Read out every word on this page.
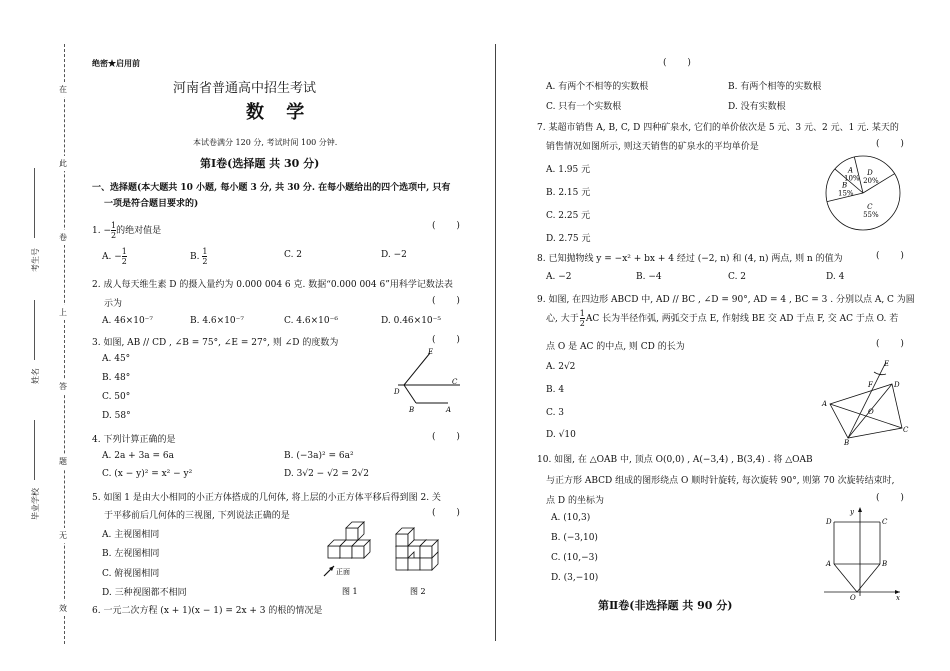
在
此
卷
上
答
题
无
效
考生号
姓名
毕业学校
绝密★启用前
河南省普通高中招生考试
数 学
本试卷满分 120 分, 考试时间 100 分钟.
第Ⅰ卷(选择题 共 30 分)
一、选择题(本大题共 10 小题, 每小题 3 分, 共 30 分. 在每小题给出的四个选项中, 只有
一项是符合题目要求的)
1. − $\frac{1}{2}$ 的绝对值是	( )
A. − $\frac{1}{2}$	B. $\frac{1}{2}$	C. 2	D. −2
2. 成人每天维生素 D 的摄入量约为 0.000 004 6 克. 数据“0.000 004 6”用科学记数法表
示为	( )
A. 46×10⁻⁷	B. 4.6×10⁻⁷	C. 4.6×10⁻⁶	D. 0.46×10⁻⁵
3. 如图, AB // CD , ∠B = 75°, ∠E = 27°, 则 ∠D 的度数为	( )
A. 45°
B. 48°
C. 50°
D. 58°
E
C
D
B	A
4. 下列计算正确的是	( )
A. 2a + 3a = 6a	B. (−3a)² = 6a²
C. (x − y)² = x² − y²	D. 3√2 − √2 = 2√2
5. 如图 1 是由大小相同的小正方体搭成的几何体, 将上层的小正方体平移后得到图 2. 关
于平移前后几何体的三视图, 下列说法正确的是	( )
A. 主视图相同
B. 左视图相同
C. 俯视图相同
D. 三种视图都不相同
正面
图 1	图 2
6. 一元二次方程 (x + 1)(x − 1) = 2x + 3 的根的情况是
( )
A. 有两个不相等的实数根	B. 有两个相等的实数根
C. 只有一个实数根	D. 没有实数根
7. 某超市销售 A, B, C, D 四种矿泉水, 它们的单价依次是 5 元、3 元、2 元、1 元. 某天的
销售情况如图所示, 则这天销售的矿泉水的平均单价是	( )
A. 1.95 元
B. 2.15 元
C. 2.25 元
D. 2.75 元
A
10%
D
20%
C
55%
B
15%
8. 已知抛物线 y = −x² + bx + 4 经过 (−2, n) 和 (4, n) 两点, 则 n 的值为	( )
A. −2	B. −4	C. 2	D. 4
9. 如图, 在四边形 ABCD 中, AD // BC , ∠D = 90°, AD = 4 , BC = 3 . 分别以点 A, C 为圆
心, 大于 $\frac{1}{2}$ AC 长为半径作弧, 两弧交于点 E, 作射线 BE 交 AD 于点 F, 交 AC 于点 O. 若
点 O 是 AC 的中点, 则 CD 的长为	( )
A. 2√2
B. 4
C. 3
D. √10
E
D
F
A
O
B
C
10. 如图, 在 △OAB 中, 顶点 O(0,0) , A(−3,4) , B(3,4) . 将 △OAB
与正方形 ABCD 组成的图形绕点 O 顺时针旋转, 每次旋转 90°, 则第 70 次旋转结束时,
点 D 的坐标为	( )
A. (10,3)
B. (−3,10)
C. (10,−3)
D. (3,−10)
y
D	C
A	B
O	x
第Ⅱ卷(非选择题 共 90 分)
